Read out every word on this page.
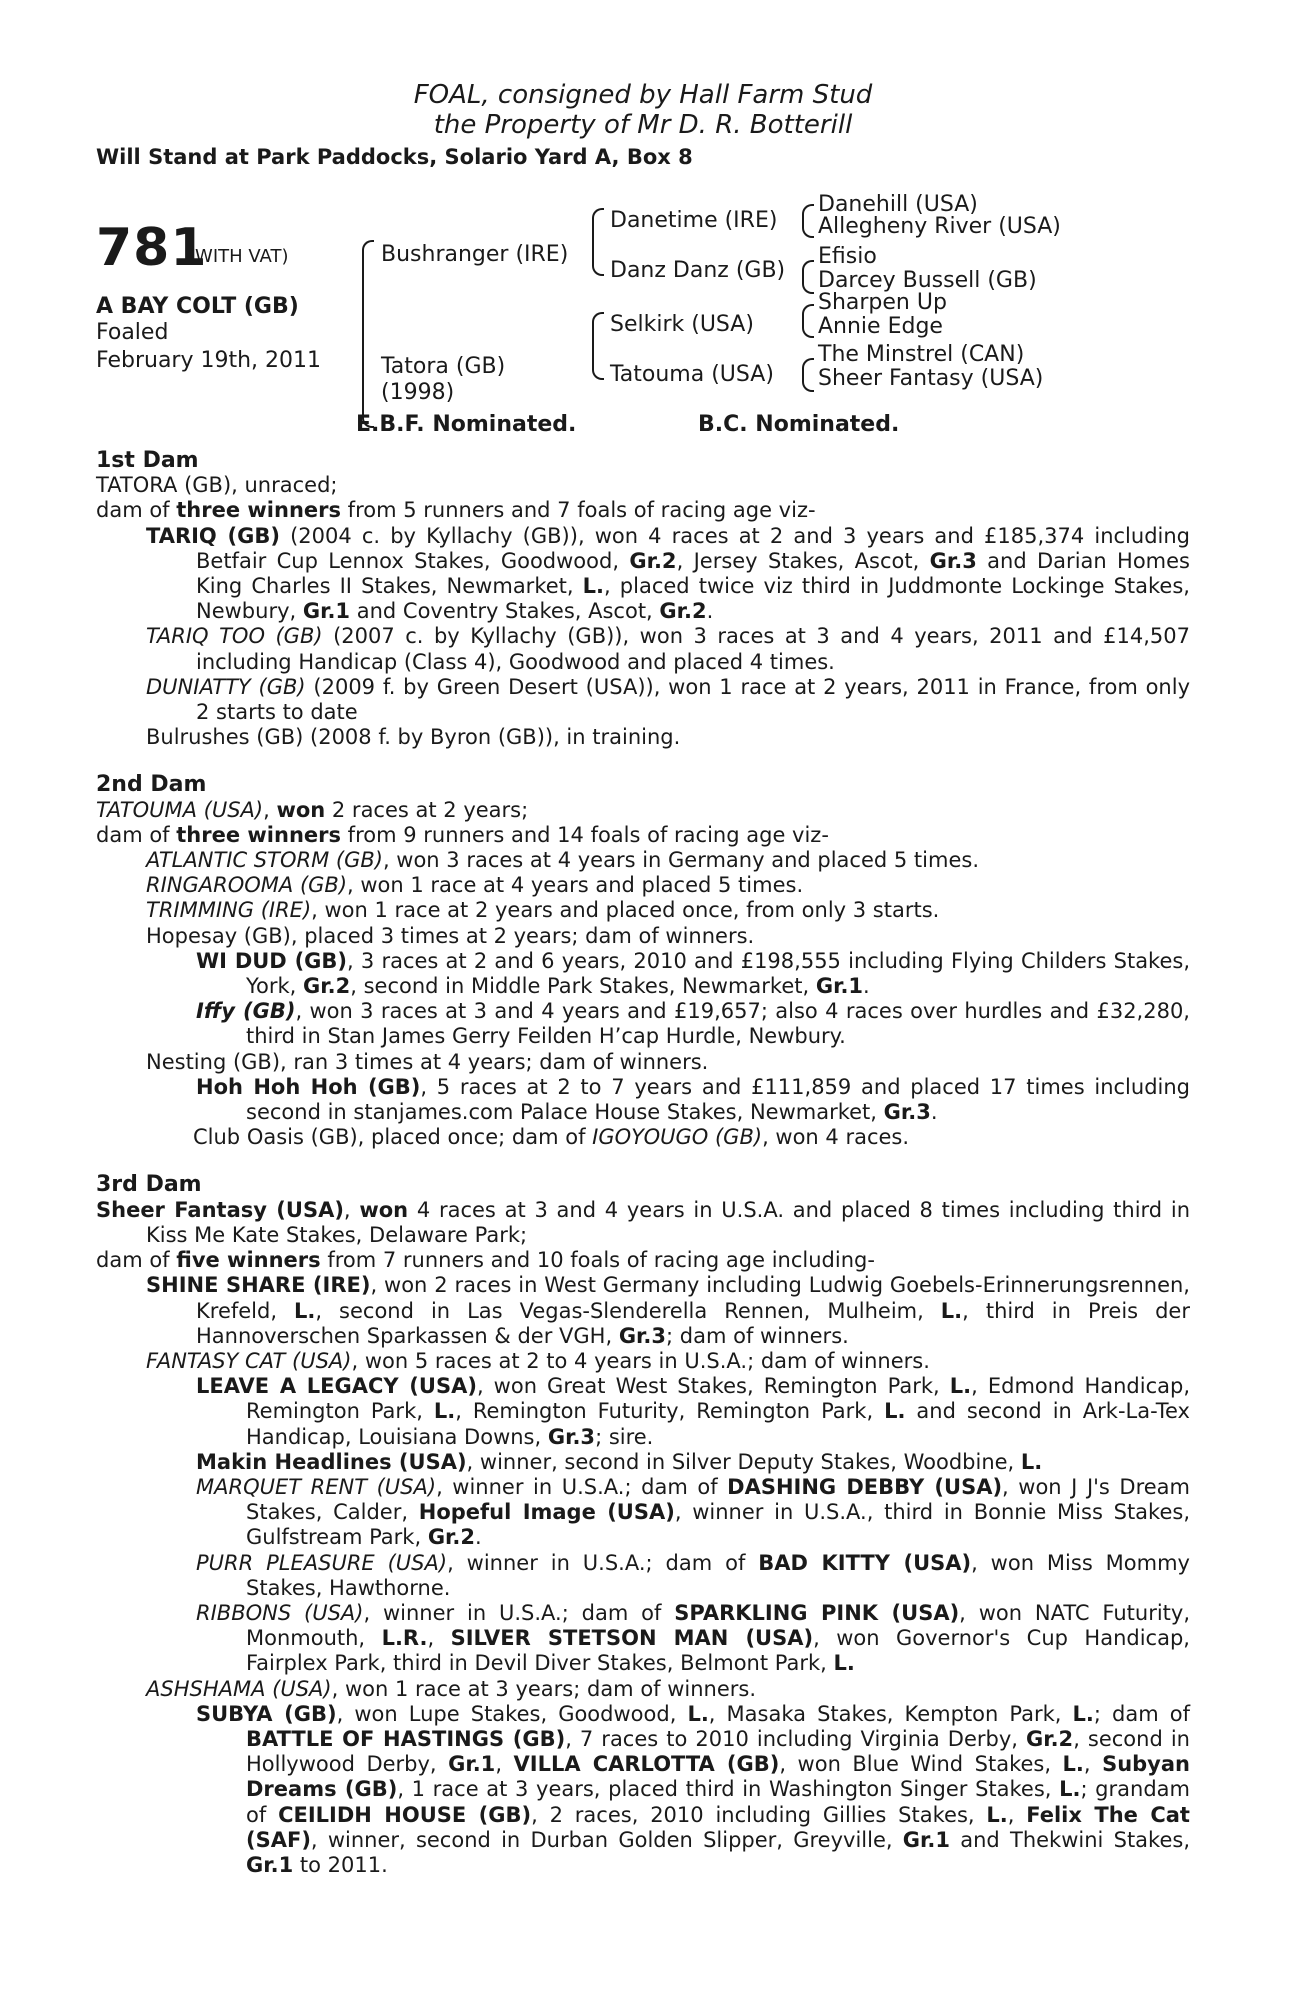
FOAL, consigned by Hall Farm Stud
the Property of Mr D. R. Botterill
Will Stand at Park Paddocks, Solario Yard A, Box 8
781
(WITH VAT)
A BAY COLT (GB)
Foaled
February 19th, 2011
Bushranger (IRE)
Tatora (GB)
(1998)
Danetime (IRE)
Danz Danz (GB)
Selkirk (USA)
Tatouma (USA)
Danehill (USA)
Allegheny River (USA)
Efisio
Darcey Bussell (GB)
Sharpen Up
Annie Edge
The Minstrel (CAN)
Sheer Fantasy (USA)
E.B.F. Nominated.	B.C. Nominated.
1st Dam
TATORA (GB), unraced;
dam of three winners from 5 runners and 7 foals of racing age viz-
TARIQ (GB) (2004 c. by Kyllachy (GB)), won 4 races at 2 and 3 years and £185,374 including Betfair Cup Lennox Stakes, Goodwood, Gr.2, Jersey Stakes, Ascot, Gr.3 and Darian Homes King Charles II Stakes, Newmarket, L., placed twice viz third in Juddmonte Lockinge Stakes, Newbury, Gr.1 and Coventry Stakes, Ascot, Gr.2.
TARIQ TOO (GB) (2007 c. by Kyllachy (GB)), won 3 races at 3 and 4 years, 2011 and £14,507 including Handicap (Class 4), Goodwood and placed 4 times.
DUNIATTY (GB) (2009 f. by Green Desert (USA)), won 1 race at 2 years, 2011 in France, from only 2 starts to date
Bulrushes (GB) (2008 f. by Byron (GB)), in training.
2nd Dam
TATOUMA (USA), won 2 races at 2 years;
dam of three winners from 9 runners and 14 foals of racing age viz-
ATLANTIC STORM (GB), won 3 races at 4 years in Germany and placed 5 times.
RINGAROOMA (GB), won 1 race at 4 years and placed 5 times.
TRIMMING (IRE), won 1 race at 2 years and placed once, from only 3 starts.
Hopesay (GB), placed 3 times at 2 years; dam of winners.
WI DUD (GB), 3 races at 2 and 6 years, 2010 and £198,555 including Flying Childers Stakes, York, Gr.2, second in Middle Park Stakes, Newmarket, Gr.1.
Iffy (GB), won 3 races at 3 and 4 years and £19,657; also 4 races over hurdles and £32,280, third in Stan James Gerry Feilden H’cap Hurdle, Newbury.
Nesting (GB), ran 3 times at 4 years; dam of winners.
Hoh Hoh Hoh (GB), 5 races at 2 to 7 years and £111,859 and placed 17 times including second in stanjames.com Palace House Stakes, Newmarket, Gr.3.
Club Oasis (GB), placed once; dam of IGOYOUGO (GB), won 4 races.
3rd Dam
Sheer Fantasy (USA), won 4 races at 3 and 4 years in U.S.A. and placed 8 times including third in Kiss Me Kate Stakes, Delaware Park;
dam of five winners from 7 runners and 10 foals of racing age including-
SHINE SHARE (IRE), won 2 races in West Germany including Ludwig Goebels-Erinnerungsrennen, Krefeld, L., second in Las Vegas-Slenderella Rennen, Mulheim, L., third in Preis der Hannoverschen Sparkassen & der VGH, Gr.3; dam of winners.
FANTASY CAT (USA), won 5 races at 2 to 4 years in U.S.A.; dam of winners.
LEAVE A LEGACY (USA), won Great West Stakes, Remington Park, L., Edmond Handicap, Remington Park, L., Remington Futurity, Remington Park, L. and second in Ark-La-Tex Handicap, Louisiana Downs, Gr.3; sire.
Makin Headlines (USA), winner, second in Silver Deputy Stakes, Woodbine, L.
MARQUET RENT (USA), winner in U.S.A.; dam of DASHING DEBBY (USA), won J J's Dream Stakes, Calder, Hopeful Image (USA), winner in U.S.A., third in Bonnie Miss Stakes, Gulfstream Park, Gr.2.
PURR PLEASURE (USA), winner in U.S.A.; dam of BAD KITTY (USA), won Miss Mommy Stakes, Hawthorne.
RIBBONS (USA), winner in U.S.A.; dam of SPARKLING PINK (USA), won NATC Futurity, Monmouth, L.R., SILVER STETSON MAN (USA), won Governor's Cup Handicap, Fairplex Park, third in Devil Diver Stakes, Belmont Park, L.
ASHSHAMA (USA), won 1 race at 3 years; dam of winners.
SUBYA (GB), won Lupe Stakes, Goodwood, L., Masaka Stakes, Kempton Park, L.; dam of BATTLE OF HASTINGS (GB), 7 races to 2010 including Virginia Derby, Gr.2, second in Hollywood Derby, Gr.1, VILLA CARLOTTA (GB), won Blue Wind Stakes, L., Subyan Dreams (GB), 1 race at 3 years, placed third in Washington Singer Stakes, L.; grandam of CEILIDH HOUSE (GB), 2 races, 2010 including Gillies Stakes, L., Felix The Cat (SAF), winner, second in Durban Golden Slipper, Greyville, Gr.1 and Thekwini Stakes, Gr.1 to 2011.
